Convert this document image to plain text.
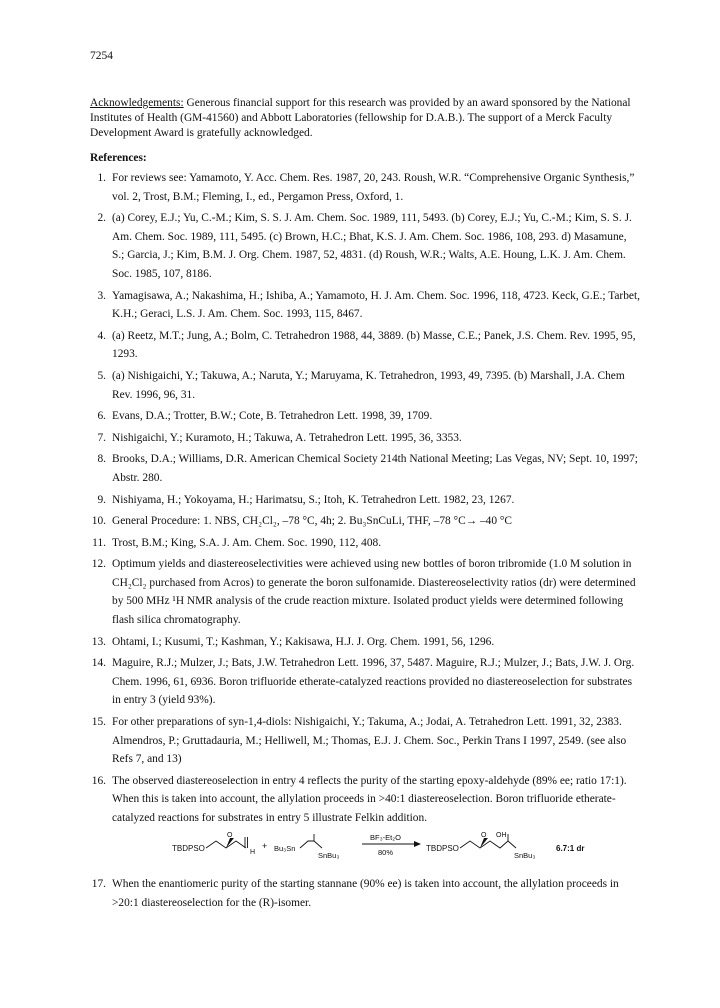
7254

Acknowledgements: Generous financial support for this research was provided by an award sponsored by the National Institutes of Health (GM-41560) and Abbott Laboratories (fellowship for D.A.B.). The support of a Merck Faculty Development Award is gratefully acknowledged.

References:
1. For reviews see: Yamamoto, Y. Acc. Chem. Res. 1987, 20, 243. Roush, W.R. “Comprehensive Organic Synthesis,” vol. 2, Trost, B.M.; Fleming, I., ed., Pergamon Press, Oxford, 1.
2. (a) Corey, E.J.; Yu, C.-M.; Kim, S. S. J. Am. Chem. Soc. 1989, 111, 5493. (b) Corey, E.J.; Yu, C.-M.; Kim, S. S. J. Am. Chem. Soc. 1989, 111, 5495. (c) Brown, H.C.; Bhat, K.S. J. Am. Chem. Soc. 1986, 108, 293. d) Masamune, S.; Garcia, J.; Kim, B.M. J. Org. Chem. 1987, 52, 4831. (d) Roush, W.R.; Walts, A.E. Houng, L.K. J. Am. Chem. Soc. 1985, 107, 8186.
3. Yamagisawa, A.; Nakashima, H.; Ishiba, A.; Yamamoto, H. J. Am. Chem. Soc. 1996, 118, 4723. Keck, G.E.; Tarbet, K.H.; Geraci, L.S. J. Am. Chem. Soc. 1993, 115, 8467.
4. (a) Reetz, M.T.; Jung, A.; Bolm, C. Tetrahedron 1988, 44, 3889. (b) Masse, C.E.; Panek, J.S. Chem. Rev. 1995, 95, 1293.
5. (a) Nishigaichi, Y.; Takuwa, A.; Naruta, Y.; Maruyama, K. Tetrahedron, 1993, 49, 7395. (b) Marshall, J.A. Chem Rev. 1996, 96, 31.
6. Evans, D.A.; Trotter, B.W.; Cote, B. Tetrahedron Lett. 1998, 39, 1709.
7. Nishigaichi, Y.; Kuramoto, H.; Takuwa, A. Tetrahedron Lett. 1995, 36, 3353.
8. Brooks, D.A.; Williams, D.R. American Chemical Society 214th National Meeting; Las Vegas, NV; Sept. 10, 1997; Abstr. 280.
9. Nishiyama, H.; Yokoyama, H.; Harimatsu, S.; Itoh, K. Tetrahedron Lett. 1982, 23, 1267.
10. General Procedure: 1. NBS, CH₂Cl₂, –78 °C, 4h; 2. Bu₃SnCuLi, THF, –78 °C→ –40 °C
11. Trost, B.M.; King, S.A. J. Am. Chem. Soc. 1990, 112, 408.
12. Optimum yields and diastereoselectivities were achieved using new bottles of boron tribromide (1.0 M solution in CH₂Cl₂ purchased from Acros) to generate the boron sulfonamide. Diastereoselectivity ratios (dr) were determined by 500 MHz ¹H NMR analysis of the crude reaction mixture. Isolated product yields were determined following flash silica chromatography.
13. Ohtami, I.; Kusumi, T.; Kashman, Y.; Kakisawa, H.J. J. Org. Chem. 1991, 56, 1296.
14. Maguire, R.J.; Mulzer, J.; Bats, J.W. Tetrahedron Lett. 1996, 37, 5487. Maguire, R.J.; Mulzer, J.; Bats, J.W. J. Org. Chem. 1996, 61, 6936. Boron trifluoride etherate-catalyzed reactions provided no diastereoselection for substrates in entry 3 (yield 93%).
15. For other preparations of syn-1,4-diols: Nishigaichi, Y.; Takuma, A.; Jodai, A. Tetrahedron Lett. 1991, 32, 2383. Almendros, P.; Gruttadauria, M.; Helliwell, M.; Thomas, E.J. J. Chem. Soc., Perkin Trans I 1997, 2549. (see also Refs 7, and 13)
16. The observed diastereoselection in entry 4 reflects the purity of the starting epoxy-aldehyde (89% ee; ratio 17:1). When this is taken into account, the allylation proceeds in >40:1 diastereoselection. Boron trifluoride etherate-catalyzed reactions for substrates in entry 5 illustrate Felkin addition.
TBDPSO
O
H
+ Bu₃Sn
SnBu₃
BF₃-Et₂O
80%	TBDPSO
O OH
SnBu₃
6.7:1 dr
17. When the enantiomeric purity of the starting stannane (90% ee) is taken into account, the allylation proceeds in >20:1 diastereoselection for the (R)-isomer.
